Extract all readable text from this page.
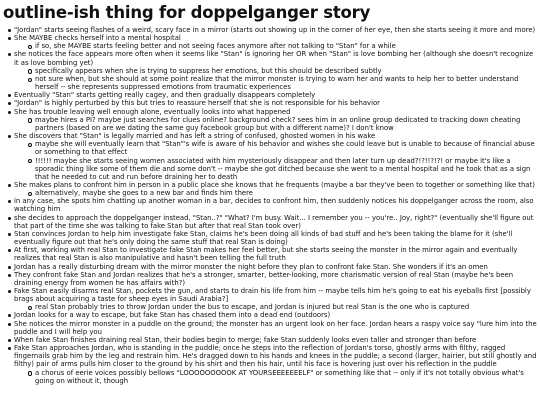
outline-ish thing for doppelganger story
"Jordan" starts seeing flashes of a weird, scary face in a mirror (starts out showing up in the corner of her eye, then she starts seeing it more and more)
She MAYBE checks herself into a mental hospital
if so, she MAYBE starts feeling better and not seeing faces anymore after not talking to "Stan" for a while
she notices the face appears more often when it seems like "Stan" is ignoring her OR when "Stan" is love bombing her (although she doesn't recognize it as love bombing yet)
specifically appears when she is trying to suppress her emotions, but this should be described subtly
not sure when, but she should at some point realize that the mirror monster is trying to warn her and wants to help her to better understand herself -- she represents suppressed emotions from traumatic experiences
Eventually "Stan" starts getting really cagey, and then gradually disappears completely
"Jordan" is highly perturbed by this but tries to reassure herself that she is not responsible for his behavior
She has trouble leaving well enough alone, eventually looks into what happened
maybe hires a PI? maybe just searches for clues online? background check? sees him in an online group dedicated to tracking down cheating partners (based on are we dating the same guy facebook group but with a different name)? I don't know
She discovers that "Stan" is legally married and has left a string of confused, ghosted women in his wake
maybe she will eventually learn that "Stan"'s wife is aware of his behavior and wishes she could leave but is unable to because of financial abuse or something to that effect
!!!!!! maybe she starts seeing women associated with him mysteriously disappear and then later turn up dead?!?!!?!?! or maybe it's like a sporadic thing like some of them die and some don't -- maybe she got ditched because she went to a mental hospital and he took that as a sign that he needed to cut and run before draining her to death
She makes plans to confront him in person in a public place she knows that he frequents (maybe a bar they've been to together or something like that)
alternatively, maybe she goes to a new bar and finds him there
in any case, she spots him chatting up another woman in a bar, decides to confront him, then suddenly notices his doppelganger across the room, also watching him
she decides to approach the doppelganger instead, "Stan..?" "What? I'm busy. Wait... I remember you -- you're.. Joy, right?" (eventually she'll figure out that part of the time she was talking to fake Stan but after that real Stan took over)
Stan convinces Jordan to help him investigate fake Stan, claims he's been doing all kinds of bad stuff and he's been taking the blame for it (she'll eventually figure out that he's only doing the same stuff that real Stan is doing)
At first, working with real Stan to investigate fake Stan makes her feel better, but she starts seeing the monster in the mirror again and eventually realizes that real Stan is also manipulative and hasn't been telling the full truth
Jordan has a really disturbing dream with the mirror monster the night before they plan to confront fake Stan. She wonders if it's an omen
They confront fake Stan and Jordan realizes that he's a stronger, smarter, better-looking, more charismatic version of real Stan (maybe he's been draining energy from women he has affairs with?)
Fake Stan easily disarms real Stan, pockets the gun, and starts to drain his life from him -- maybe tells him he's going to eat his eyeballs first [possibly brags about acquiring a taste for sheep eyes in Saudi Arabia?]
real Stan probably tries to throw Jordan under the bus to escape, and Jordan is injured but real Stan is the one who is captured
Jordan looks for a way to escape, but fake Stan has chased them into a dead end (outdoors)
She notices the mirror monster in a puddle on the ground; the monster has an urgent look on her face. Jordan hears a raspy voice say "lure him into the puddle and I will help you
When fake Stan finishes draining real Stan, their bodies begin to merge; fake Stan suddenly looks even taller and stronger than before
Fake Stan approaches Jordan, who is standing in the puddle; once he steps into the reflection of Jordan's torso, ghostly arms with filthy, ragged fingernails grab him by the leg and restrain him. He's dragged down to his hands and knees in the puddle; a second (larger, hairier, but still ghostly and filthy) pair of arms pulls him closer to the ground by his shirt and then his hair, until his face is hovering just over his reflection in the puddle
a chorus of eerie voices possibly bellows "LOOOOOOOOOK AT YOURSEEEEEEELF" or something like that -- only if it's not totally obvious what's going on without it, though
